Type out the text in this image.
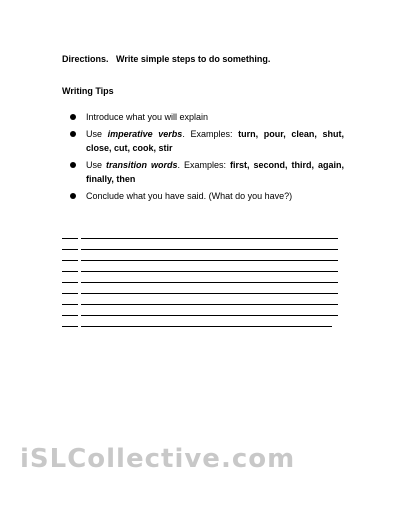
Directions. Write simple steps to do something.
Writing Tips
Introduce what you will explain
Use imperative verbs. Examples: turn, pour, clean, shut, close, cut, cook, stir
Use transition words. Examples: first, second, third, again, finally, then
Conclude what you have said. (What do you have?)
iSLCollective.com
